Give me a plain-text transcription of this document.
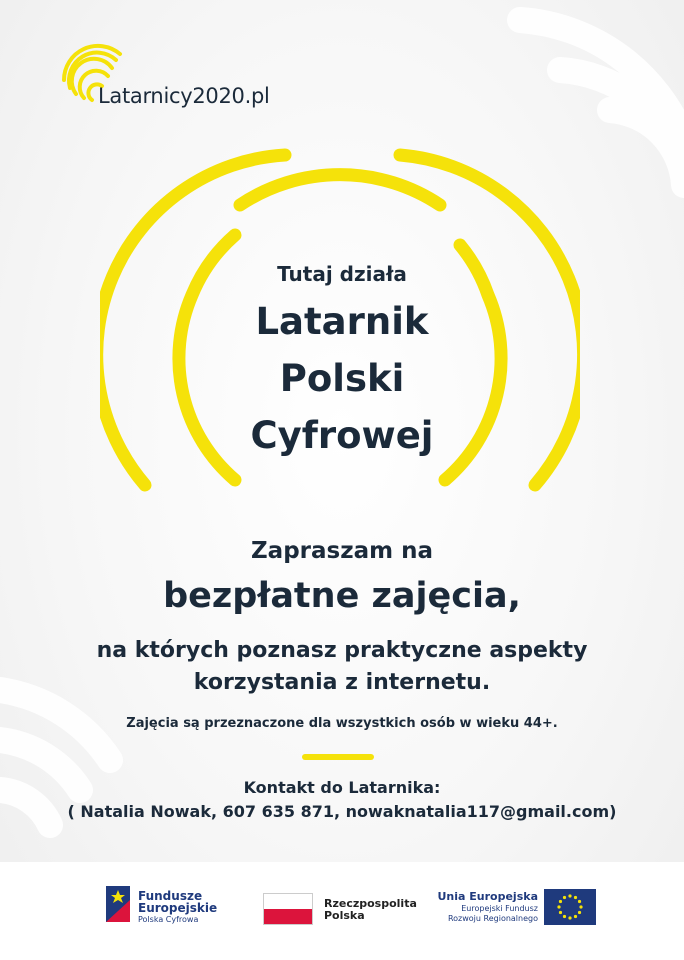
Latarnicy2020.pl
Tutaj działa
Latarnik
Polski
Cyfrowej
Zapraszam na
bezpłatne zajęcia,
na których poznasz praktyczne aspekty
korzystania z internetu.
Zajęcia są przeznaczone dla wszystkich osób w wieku 44+.
Kontakt do Latarnika:
( Natalia Nowak, 607 635 871, nowaknatalia117@gmail.com)
Fundusze
Europejskie
Polska Cyfrowa
Rzeczpospolita
Polska
Unia Europejska
Europejski Fundusz
Rozwoju Regionalnego
